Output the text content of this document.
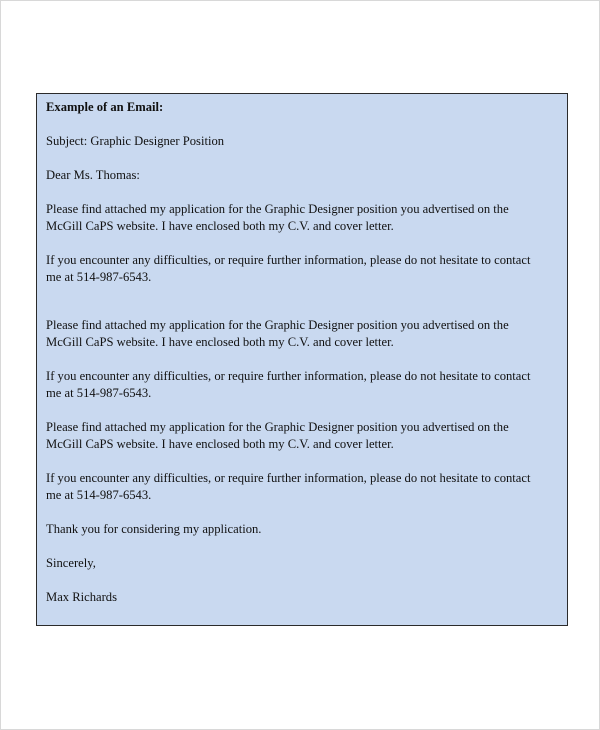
Example of an Email:

Subject: Graphic Designer Position

Dear Ms. Thomas:

Please find attached my application for the Graphic Designer position you advertised on the
McGill CaPS website. I have enclosed both my C.V. and cover letter.

If you encounter any difficulties, or require further information, please do not hesitate to contact
me at 514-987-6543.

Please find attached my application for the Graphic Designer position you advertised on the
McGill CaPS website. I have enclosed both my C.V. and cover letter.

If you encounter any difficulties, or require further information, please do not hesitate to contact
me at 514-987-6543.

Please find attached my application for the Graphic Designer position you advertised on the
McGill CaPS website. I have enclosed both my C.V. and cover letter.

If you encounter any difficulties, or require further information, please do not hesitate to contact
me at 514-987-6543.

Thank you for considering my application.

Sincerely,

Max Richards
